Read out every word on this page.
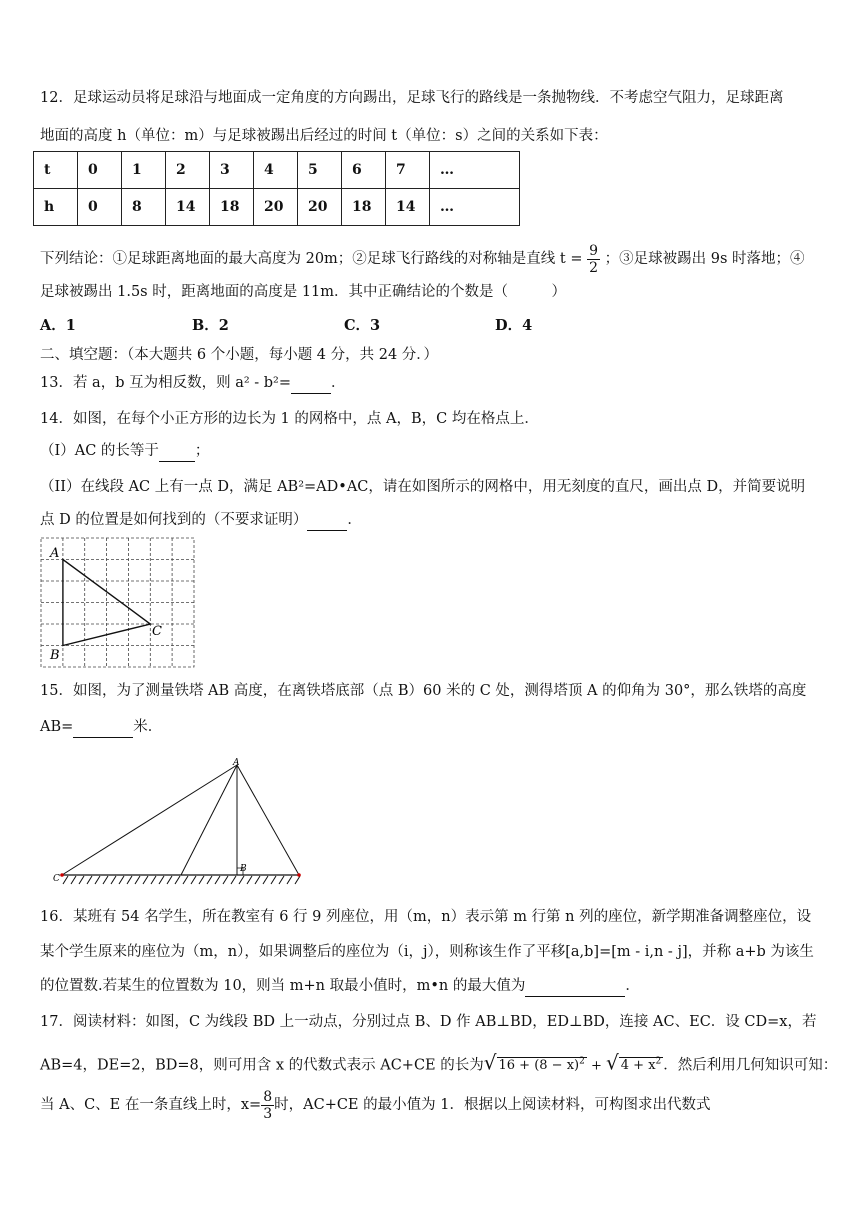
12．足球运动员将足球沿与地面成一定角度的方向踢出，足球飞行的路线是一条抛物线．不考虑空气阻力，足球距离
地面的高度 h（单位：m）与足球被踢出后经过的时间 t（单位：s）之间的关系如下表：
t	0	1	2	3	4	5	6	7	…
h	0	8	14	18	20	20	18	14	…
下列结论：①足球距离地面的最大高度为 20m；②足球飞行路线的对称轴是直线 $t = \frac{9}{2}$ ；③足球被踢出 9s 时落地；④
足球被踢出 1.5s 时，距离地面的高度是 11m．其中正确结论的个数是（　　　）
A．1	B．2	C．3	D．4
二、填空题：（本大题共 6 个小题，每小题 4 分，共 24 分．）
13．若 a，b 互为相反数，则 a² - b²=	．
14．如图，在每个小正方形的边长为 1 的网格中，点 A，B，C 均在格点上．
（I）AC 的长等于 ；
（II）在线段 AC 上有一点 D，满足 AB²=AD•AC，请在如图所示的网格中，用无刻度的直尺，画出点 D，并简要说明
点 D 的位置是如何找到的（不要求证明）	．
A
B
C
15．如图，为了测量铁塔 AB 高度，在离铁塔底部（点 B）60 米的 C 处，测得塔顶 A 的仰角为 30°，那么铁塔的高度
AB=	米．
A
B
C
16．某班有 54 名学生，所在教室有 6 行 9 列座位，用（m，n）表示第 m 行第 n 列的座位，新学期准备调整座位，设
某个学生原来的座位为（m，n），如果调整后的座位为（i，j），则称该生作了平移[a,b]=[m - i,n - j]，并称 a+b 为该生
的位置数.若某生的位置数为 10，则当 m+n 取最小值时，m•n 的最大值为	．
17．阅读材料：如图，C 为线段 BD 上一动点，分别过点 B、D 作 AB⊥BD，ED⊥BD，连接 AC、EC．设 CD=x，若
AB=4，DE=2，BD=8，则可用含 x 的代数式表示 AC+CE 的长为√ $16 + (8 - x)^2$ + √ $4 + x^2$ ．然后利用几何知识可知：
当 A、C、E 在一条直线上时，$x= \frac{8}{3}$ 时，AC+CE 的最小值为 1．根据以上阅读材料，可构图求出代数式
